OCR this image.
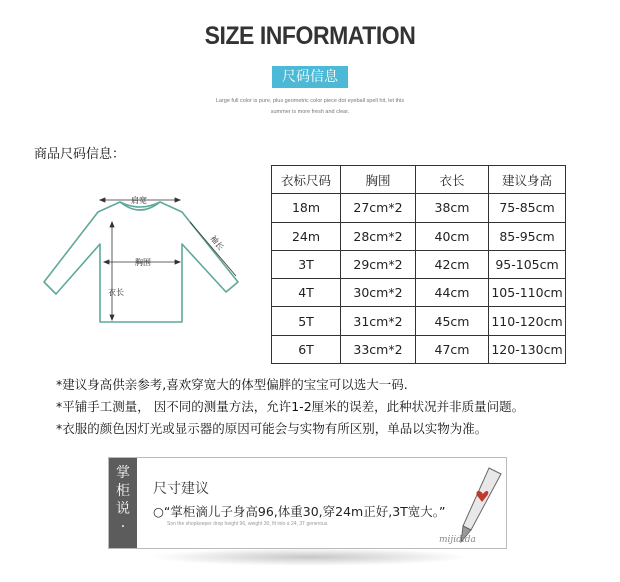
SIZE INFORMATION
尺码信息
Large full color is pure, plus geometric color piece dot eyeball spell hit, let this
summer is more fresh and clear.
商品尺码信息：
肩宽
胸围
衣长
袖长
衣标尺码	胸围	衣长	建议身高
18m	27cm*2	38cm	75-85cm
24m	28cm*2	40cm	85-95cm
3T	29cm*2	42cm	95-105cm
4T	30cm*2	44cm	105-110cm
5T	31cm*2	45cm	110-120cm
6T	33cm*2	47cm	120-130cm
*建议身高供亲参考,喜欢穿宽大的体型偏胖的宝宝可以选大一码.
*平铺手工测量， 因不同的测量方法，允许1-2厘米的误差，此种状况并非质量问题。
*衣服的颜色因灯光或显示器的原因可能会与实物有所区别，单品以实物为准。
掌
柜
说
·
尺寸建议
○“掌柜滴儿子身高96,体重30,穿24m正好,3T宽大。”
Son the shopkeeper drop height 96, weight 30, fit into a 24, 3T generous.
mijidida
